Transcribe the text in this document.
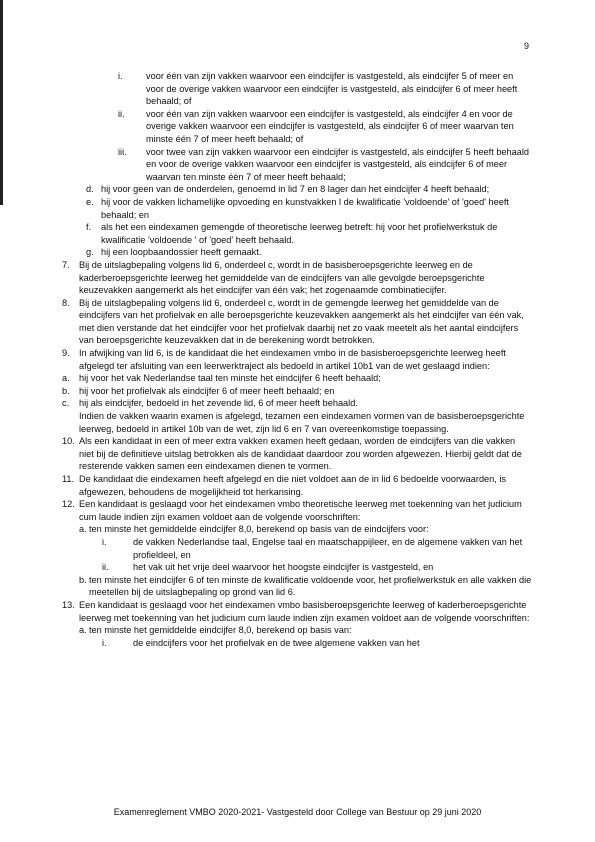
9

i.	voor één van zijn vakken waarvoor een eindcijfer is vastgesteld, als eindcijfer 5 of meer en voor de overige vakken waarvoor een eindcijfer is vastgesteld, als eindcijfer 6 of meer heeft behaald; of

ii. voor één van zijn vakken waarvoor een eindcijfer is vastgesteld, als eindcijfer 4 en voor de overige vakken waarvoor een eindcijfer is vastgesteld, als eindcijfer 6 of meer waarvan ten minste één 7 of meer heeft behaald; of

iii. voor twee van zijn vakken waarvoor een eindcijfer is vastgesteld, als eindcijfer 5 heeft behaald en voor de overige vakken waarvoor een eindcijfer is vastgesteld, als eindcijfer 6 of meer waarvan ten minste één 7 of meer heeft behaald;

d. hij voor geen van de onderdelen, genoemd in lid 7 en 8 lager dan het eindcijfer 4 heeft behaald;

e. hij voor de vakken lichamelijke opvoeding en kunstvakken l de kwalificatie 'voldoende' of 'goed' heeft behaald; en

f. als het een eindexamen gemengde of theoretische leerweg betreft: hij voor het profielwerkstuk de kwalificatie 'voldoende ' of 'goed' heeft behaald.

g. hij een loopbaandossier heeft gemaakt.

7. Bij de uitslagbepaling volgens lid 6, onderdeel c, wordt in de basisberoepsgerichte leerweg en de kaderberoepsgerichte leerweg het gemiddelde van de eindcijfers van alle gevolgde beroepsgerichte keuzevakken aangemerkt als het eindcijfer van één vak; het zogenaamde combinatiecijfer.

8. Bij de uitslagbepaling volgens lid 6, onderdeel c, wordt in de gemengde leerweg het gemiddelde van de eindcijfers van het profielvak en alle beroepsgerichte keuzevakken aangemerkt als het eindcijfer van één vak, met dien verstande dat het eindcijfer voor het profielvak daarbij net zo vaak meetelt als het aantal eindcijfers van beroepsgerichte keuzevakken dat in de berekening wordt betrokken.

9. In afwijking van lid 6, is de kandidaat die het eindexamen vmbo in de basisberoepsgerichte leerweg heeft afgelegd ter afsluiting van een leerwerktraject als bedoeld in artikel 10b1 van de wet geslaagd indien:

a. hij voor het vak Nederlandse taal ten minste het eindcijfer 6 heeft behaald;

b. hij voor het profielvak als eindcijfer 6 of meer heeft behaald; en

c. hij als eindcijfer, bedoeld in het zevende lid, 6 of meer heeft behaald.

Indien de vakken waarin examen is afgelegd, tezamen een eindexamen vormen van de basisberoepsgerichte leerweg, bedoeld in artikel 10b van de wet, zijn lid 6 en 7 van overeenkomstige toepassing.

10. Als een kandidaat in een of meer extra vakken examen heeft gedaan, worden de eindcijfers van die vakken niet bij de definitieve uitslag betrokken als de kandidaat daardoor zou worden afgewezen. Hierbij geldt dat de resterende vakken samen een eindexamen dienen te vormen.

11. De kandidaat die eindexamen heeft afgelegd en die niet voldoet aan de in lid 6 bedoelde voorwaarden, is afgewezen, behoudens de mogelijkheid tot herkansing.

12. Een kandidaat is geslaagd voor het eindexamen vmbo theoretische leerweg met toekenning van het judicium cum laude indien zijn examen voldoet aan de volgende voorschriften:

a. ten minste het gemiddelde eindcijfer 8,0, berekend op basis van de eindcijfers voor:

i.	de vakken Nederlandse taal, Engelse taal en maatschappijleer, en de algemene vakken van het profieldeel, en

ii.	het vak uit het vrije deel waarvoor het hoogste eindcijfer is vastgesteld, en

b. ten minste het eindcijfer 6 of ten minste de kwalificatie voldoende voor, het profielwerkstuk en alle vakken die meetellen bij de uitslagbepaling op grond van lid 6.

13. Een kandidaat is geslaagd voor het eindexamen vmbo basisberoepsgerichte leerweg of kaderberoepsgerichte leerweg met toekenning van het judicium cum laude indien zijn examen voldoet aan de volgende voorschriften:

a. ten minste het gemiddelde eindcijfer 8,0, berekend op basis van:

i.	de eindcijfers voor het profielvak en de twee algemene vakken van het

Examenreglement VMBO 2020-2021- Vastgesteld door College van Bestuur op 29 juni 2020
